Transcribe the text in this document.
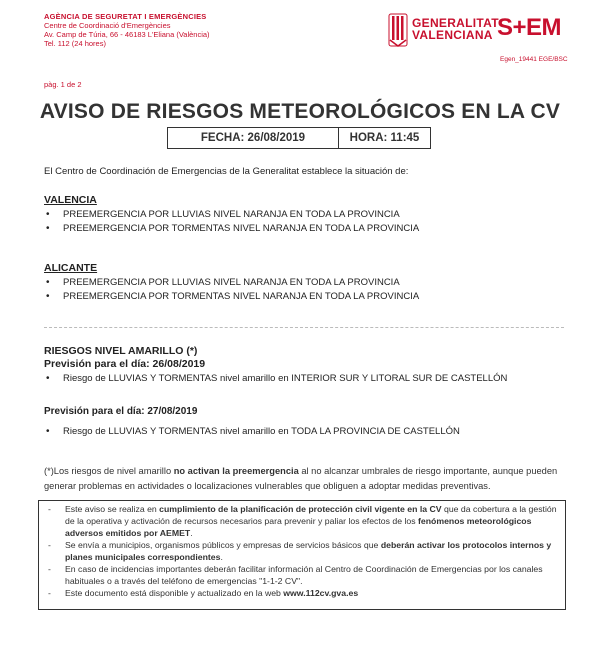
AGÈNCIA DE SEGURETAT I EMERGÈNCIES
Centre de Coordinació d'Emergències
Av. Camp de Túria, 66 - 46183 L'Eliana (València)
Tel. 112 (24 hores)
GENERALITAT
VALENCIANA S+EM
Egen_19441 EGE/BSC
pàg. 1 de 2
AVISO DE RIESGOS METEOROLÓGICOS EN LA CV
FECHA: 26/08/2019	HORA: 11:45
El Centro de Coordinación de Emergencias de la Generalitat establece la situación de:
VALENCIA
• PREEMERGENCIA POR LLUVIAS NIVEL NARANJA EN TODA LA PROVINCIA
• PREEMERGENCIA POR TORMENTAS NIVEL NARANJA EN TODA LA PROVINCIA
ALICANTE
• PREEMERGENCIA POR LLUVIAS NIVEL NARANJA EN TODA LA PROVINCIA
• PREEMERGENCIA POR TORMENTAS NIVEL NARANJA EN TODA LA PROVINCIA
RIESGOS NIVEL AMARILLO (*)
Previsión para el día: 26/08/2019
• Riesgo de LLUVIAS Y TORMENTAS nivel amarillo en INTERIOR SUR Y LITORAL SUR DE CASTELLÓN
Previsión para el día: 27/08/2019
• Riesgo de LLUVIAS Y TORMENTAS nivel amarillo en TODA LA PROVINCIA DE CASTELLÓN
(*)Los riesgos de nivel amarillo no activan la preemergencia al no alcanzar umbrales de riesgo importante, aunque pueden generar problemas en actividades o localizaciones vulnerables que obliguen a adoptar medidas preventivas.
- Este aviso se realiza en cumplimiento de la planificación de protección civil vigente en la CV que da cobertura a la gestión de la operativa y activación de recursos necesarios para prevenir y paliar los efectos de los fenómenos meteorológicos adversos emitidos por AEMET.
- Se envía a municipios, organismos públicos y empresas de servicios básicos que deberán activar los protocolos internos y planes municipales correspondientes.
- En caso de incidencias importantes deberán facilitar información al Centro de Coordinación de Emergencias por los canales habituales o a través del teléfono de emergencias "1-1-2 CV".
- Este documento está disponible y actualizado en la web www.112cv.gva.es
